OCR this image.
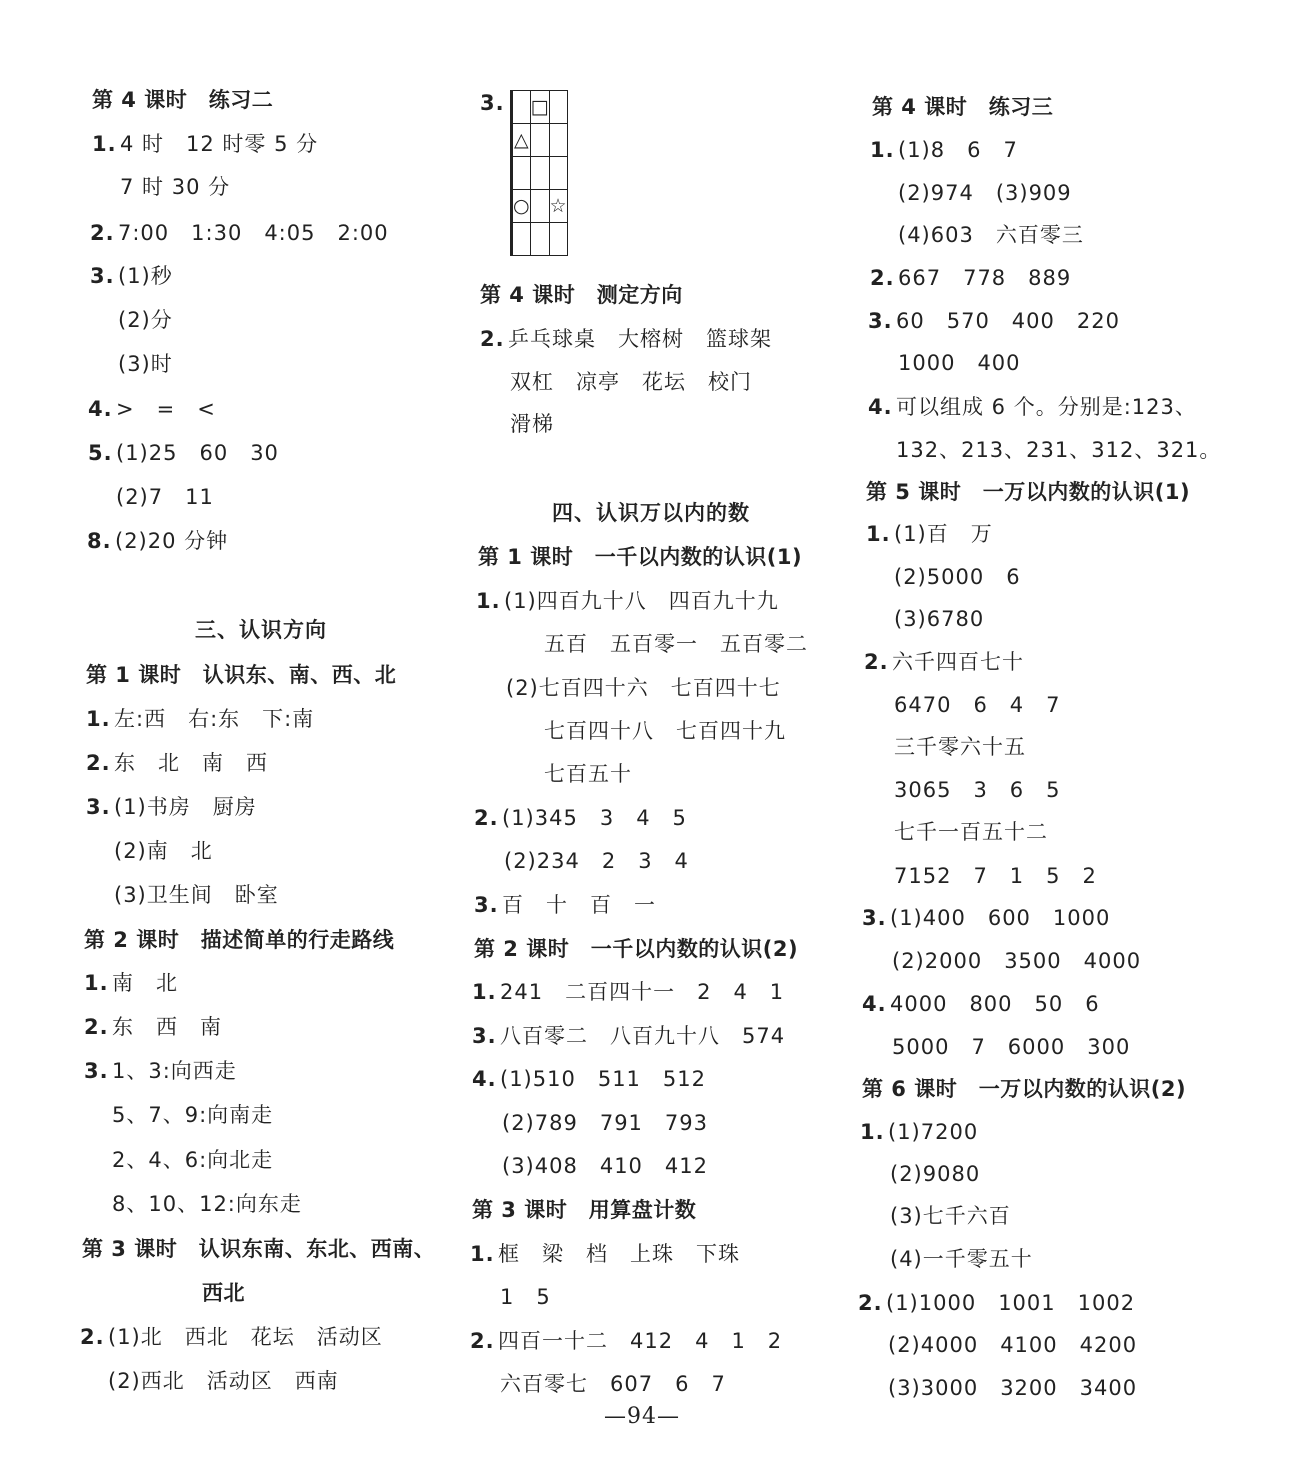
第 4 课时　练习二
1. 4 时　12 时零 5 分
7 时 30 分
2. 7:00　1:30　4:05　2:00
3. (1)秒
(2)分
(3)时
4. >　=　<
5. (1)25　60　30
(2)7　11
8. (2)20 分钟
三、认识方向
第 1 课时　认识东、南、西、北
1. 左:西　右:东　下:南
2. 东　北　南　西
3. (1)书房　厨房
(2)南　北
(3)卫生间　卧室
第 2 课时　描述简单的行走路线
1. 南　北
2. 东　西　南
3. 1、3:向西走
5、7、9:向南走
2、4、6:向北走
8、10、12:向东走
第 3 课时　认识东南、东北、西南、
西北
2. (1)北　西北　花坛　活动区
(2)西北　活动区　西南
3.
			□	
		△		

		○		☆

第 4 课时　测定方向
2. 乒乓球桌　大榕树　篮球架
双杠　凉亭　花坛　校门
滑梯
四、认识万以内的数
第 1 课时　一千以内数的认识(1)
1. (1)四百九十八　四百九十九
五百　五百零一　五百零二
(2)七百四十六　七百四十七
七百四十八　七百四十九
七百五十
2. (1)345　3　4　5
(2)234　2　3　4
3. 百　十　百　一
第 2 课时　一千以内数的认识(2)
1. 241　二百四十一　2　4　1
3. 八百零二　八百九十八　574
4. (1)510　511　512
(2)789　791　793
(3)408　410　412
第 3 课时　用算盘计数
1. 框　梁　档　上珠　下珠
1　5
2. 四百一十二　412　4　1　2
六百零七　607　6　7
第 4 课时　练习三
1. (1)8　6　7
(2)974　(3)909
(4)603　六百零三
2. 667　778　889
3. 60　570　400　220
1000　400
4. 可以组成 6 个。分别是:123、
132、213、231、312、321。
第 5 课时　一万以内数的认识(1)
1. (1)百　万
(2)5000　6
(3)6780
2. 六千四百七十
6470　6　4　7
三千零六十五
3065　3　6　5
七千一百五十二
7152　7　1　5　2
3. (1)400　600　1000
(2)2000　3500　4000
4. 4000　800　50　6
5000　7　6000　300
第 6 课时　一万以内数的认识(2)
1. (1)7200
(2)9080
(3)七千六百
(4)一千零五十
2. (1)1000　1001　1002
(2)4000　4100　4200
(3)3000　3200　3400
—94—
